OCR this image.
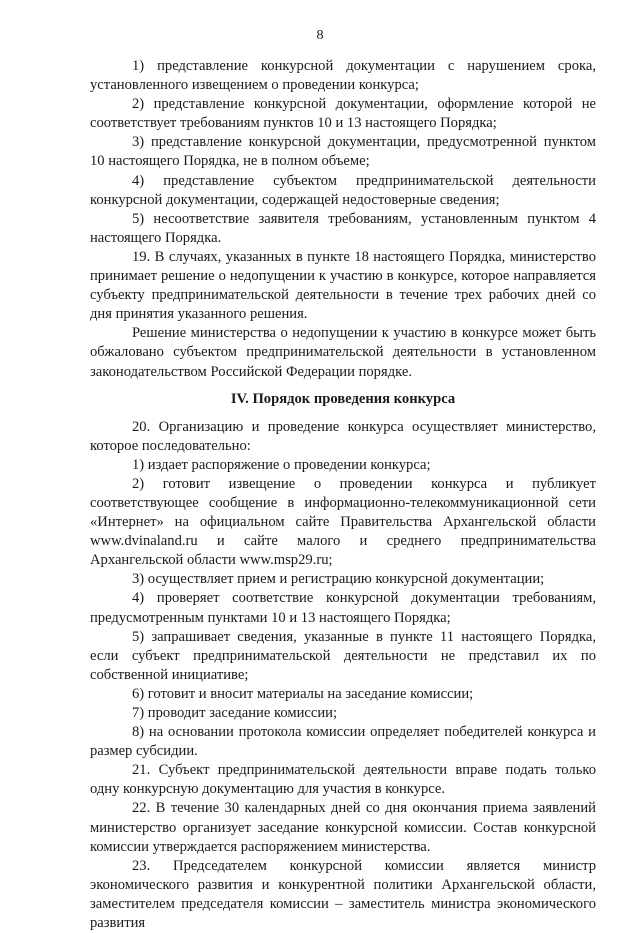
8

1) представление конкурсной документации с нарушением срока, установленного извещением о проведении конкурса;

2) представление конкурсной документации, оформление которой не соответствует требованиям пунктов 10 и 13 настоящего Порядка;

3) представление конкурсной документации, предусмотренной пунктом 10 настоящего Порядка, не в полном объеме;

4) представление субъектом предпринимательской деятельности конкурсной документации, содержащей недостоверные сведения;

5) несоответствие заявителя требованиям, установленным пунктом 4 настоящего Порядка.

19. В случаях, указанных в пункте 18 настоящего Порядка, министерство принимает решение о недопущении к участию в конкурсе, которое направляется субъекту предпринимательской деятельности в течение трех рабочих дней со дня принятия указанного решения.

Решение министерства о недопущении к участию в конкурсе может быть обжаловано субъектом предпринимательской деятельности в установленном законодательством Российской Федерации порядке.

IV. Порядок проведения конкурса

20. Организацию и проведение конкурса осуществляет министерство, которое последовательно:

1) издает распоряжение о проведении конкурса;

2) готовит извещение о проведении конкурса и публикует соответствующее сообщение в информационно-телекоммуникационной сети «Интернет» на официальном сайте Правительства Архангельской области www.dvinaland.ru и сайте малого и среднего предпринимательства Архангельской области www.msp29.ru;

3) осуществляет прием и регистрацию конкурсной документации;

4) проверяет соответствие конкурсной документации требованиям, предусмотренным пунктами 10 и 13 настоящего Порядка;

5) запрашивает сведения, указанные в пункте 11 настоящего Порядка, если субъект предпринимательской деятельности не представил их по собственной инициативе;

6) готовит и вносит материалы на заседание комиссии;

7) проводит заседание комиссии;

8) на основании протокола комиссии определяет победителей конкурса и размер субсидии.

21. Субъект предпринимательской деятельности вправе подать только одну конкурсную документацию для участия в конкурсе.

22. В течение 30 календарных дней со дня окончания приема заявлений министерство организует заседание конкурсной комиссии. Состав конкурсной комиссии утверждается распоряжением министерства.

23. Председателем конкурсной комиссии является министр экономического развития и конкурентной политики Архангельской области, заместителем председателя комиссии – заместитель министра экономического развития
